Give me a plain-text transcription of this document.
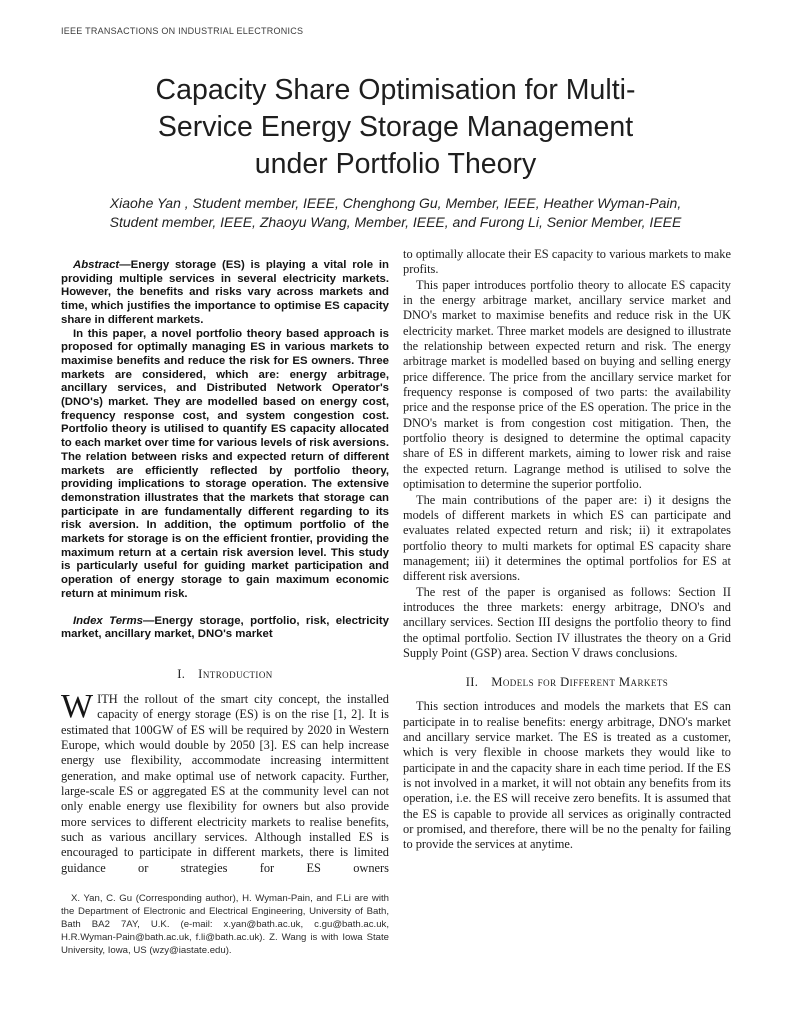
IEEE TRANSACTIONS ON INDUSTRIAL ELECTRONICS
Capacity Share Optimisation for Multi-
Service Energy Storage Management
under Portfolio Theory
Xiaohe Yan , Student member, IEEE, Chenghong Gu, Member, IEEE, Heather Wyman-Pain,
Student member, IEEE, Zhaoyu Wang, Member, IEEE, and Furong Li, Senior Member, IEEE

Abstract—Energy storage (ES) is playing a vital role in providing multiple services in several electricity markets. However, the benefits and risks vary across markets and time, which justifies the importance to optimise ES capacity share in different markets.

In this paper, a novel portfolio theory based approach is proposed for optimally managing ES in various markets to maximise benefits and reduce the risk for ES owners. Three markets are considered, which are: energy arbitrage, ancillary services, and Distributed Network Operator's (DNO's) market. They are modelled based on energy cost, frequency response cost, and system congestion cost. Portfolio theory is utilised to quantify ES capacity allocated to each market over time for various levels of risk aversions. The relation between risks and expected return of different markets are efficiently reflected by portfolio theory, providing implications to storage operation. The extensive demonstration illustrates that the markets that storage can participate in are fundamentally different regarding to its risk aversion. In addition, the optimum portfolio of the markets for storage is on the efficient frontier, providing the maximum return at a certain risk aversion level. This study is particularly useful for guiding market participation and operation of energy storage to gain maximum economic return at minimum risk.

Index Terms—Energy storage, portfolio, risk, electricity market, ancillary market, DNO's market

I. Introduction

WITH the rollout of the smart city concept, the installed capacity of energy storage (ES) is on the rise [1, 2]. It is estimated that 100GW of ES will be required by 2020 in Western Europe, which would double by 2050 [3]. ES can help increase energy use flexibility, accommodate increasing intermittent generation, and make optimal use of network capacity. Further, large-scale ES or aggregated ES at the community level can not only enable energy use flexibility for owners but also provide more services to different electricity markets to realise benefits, such as various ancillary services. Although installed ES is encouraged to participate in different markets, there is limited guidance or strategies for ES owners

X. Yan, C. Gu (Corresponding author), H. Wyman-Pain, and F.Li are with the Department of Electronic and Electrical Engineering, University of Bath, Bath BA2 7AY, U.K. (e-mail: x.yan@bath.ac.uk, c.gu@bath.ac.uk, H.R.Wyman-Pain@bath.ac.uk, f.li@bath.ac.uk). Z. Wang is with Iowa State University, Iowa, US (wzy@iastate.edu).

to optimally allocate their ES capacity to various markets to make profits.

This paper introduces portfolio theory to allocate ES capacity in the energy arbitrage market, ancillary service market and DNO's market to maximise benefits and reduce risk in the UK electricity market. Three market models are designed to illustrate the relationship between expected return and risk. The energy arbitrage market is modelled based on buying and selling energy price difference. The price from the ancillary service market for frequency response is composed of two parts: the availability price and the response price of the ES operation. The price in the DNO's market is from congestion cost mitigation. Then, the portfolio theory is designed to determine the optimal capacity share of ES in different markets, aiming to lower risk and raise the expected return. Lagrange method is utilised to solve the optimisation to determine the superior portfolio.

The main contributions of the paper are: i) it designs the models of different markets in which ES can participate and evaluates related expected return and risk; ii) it extrapolates portfolio theory to multi markets for optimal ES capacity share management; iii) it determines the optimal portfolios for ES at different risk aversions.

The rest of the paper is organised as follows: Section II introduces the three markets: energy arbitrage, DNO's and ancillary services. Section III designs the portfolio theory to find the optimal portfolio. Section IV illustrates the theory on a Grid Supply Point (GSP) area. Section V draws conclusions.

II. Models for Different Markets

This section introduces and models the markets that ES can participate in to realise benefits: energy arbitrage, DNO's market and ancillary service market. The ES is treated as a customer, which is very flexible in choose markets they would like to participate in and the capacity share in each time period. If the ES is not involved in a market, it will not obtain any benefits from its operation, i.e. the ES will receive zero benefits. It is assumed that the ES is capable to provide all services as originally contracted or promised, and therefore, there will be no the penalty for failing to provide the services at anytime.
